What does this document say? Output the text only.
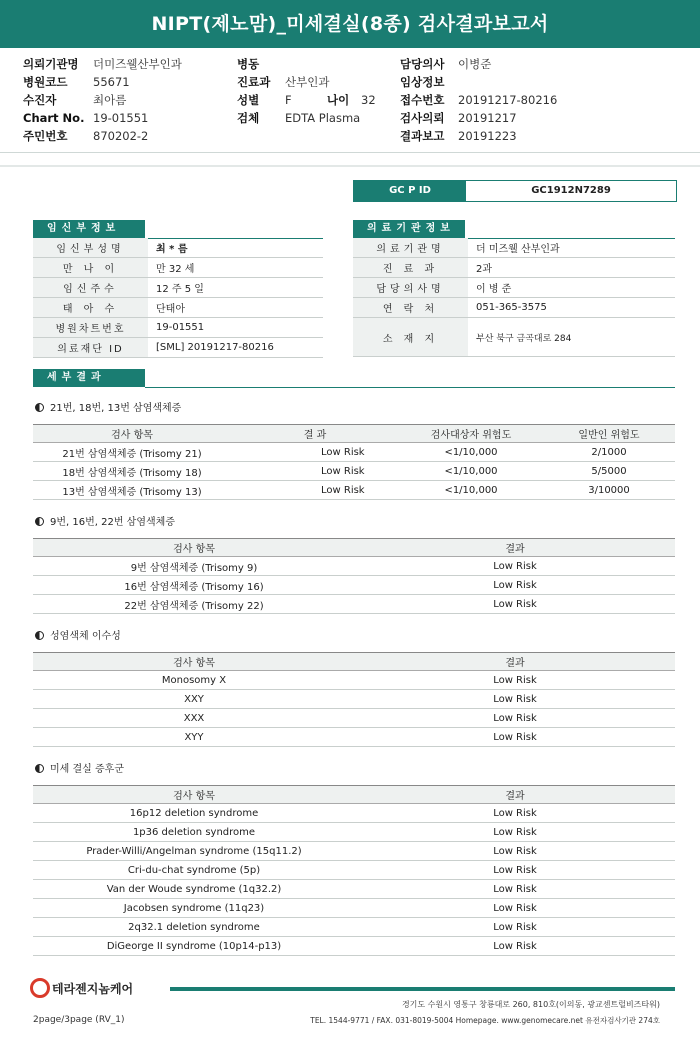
NIPT(제노맘)_미세결실(8종) 검사결과보고서
의뢰기관명 더미즈웰산부인과
병원코드 55671
수진자	최아름
Chart No. 19-01551
주민번호 870202-2
병동
진료과 산부인과
성별 F	나이 32
검체 EDTA Plasma
담당의사 이병준
임상정보
접수번호 20191217-80216
검사의뢰 20191217
결과보고 20191223
GC P ID	GC1912N7289
임신부정보
임신부성명	최 * 름
만 나 이	만 32 세
임신주수	12 주 5 일
태 아 수	단태아
병원차트번호	19-01551
의료재단 ID	[SML] 20191217-80216
의료기관정보
의료기관명	더 미즈웰 산부인과
진 료 과	2과
담당의사명	이 병 준
연 락 처	051-365-3575
소 재 지	부산 북구 금곡대로 284
세부결과
21번, 18번, 13번 삼염색체증
검사 항목	결 과	검사대상자 위험도	일반인 위험도
21번 삼염색체증 (Trisomy 21)	Low Risk	<1/10,000	2/1000
18번 삼염색체증 (Trisomy 18)	Low Risk	<1/10,000	5/5000
13번 삼염색체증 (Trisomy 13)	Low Risk	<1/10,000	3/10000
9번, 16번, 22번 삼염색체증
검사 항목	결과
9번 삼염색체증 (Trisomy 9)	Low Risk
16번 삼염색체증 (Trisomy 16)	Low Risk
22번 삼염색체증 (Trisomy 22)	Low Risk
성염색체 이수성
검사 항목	결과
Monosomy X	Low Risk
XXY	Low Risk
XXX	Low Risk
XYY	Low Risk
미세 결실 증후군
검사 항목	결과
16p12 deletion syndrome	Low Risk
1p36 deletion syndrome	Low Risk
Prader-Willi/Angelman syndrome (15q11.2)	Low Risk
Cri-du-chat syndrome (5p)	Low Risk
Van der Woude syndrome (1q32.2)	Low Risk
Jacobsen syndrome (11q23)	Low Risk
2q32.1 deletion syndrome	Low Risk
DiGeorge II syndrome (10p14-p13)	Low Risk
테라젠지놈케어
경기도 수원시 영통구 창룡대로 260, 810호(이의동, 광교센트럴비즈타워)
TEL. 1544-9771 / FAX. 031-8019-5004 Homepage. www.genomecare.net 유전자검사기관 274호
2page/3page (RV_1)
